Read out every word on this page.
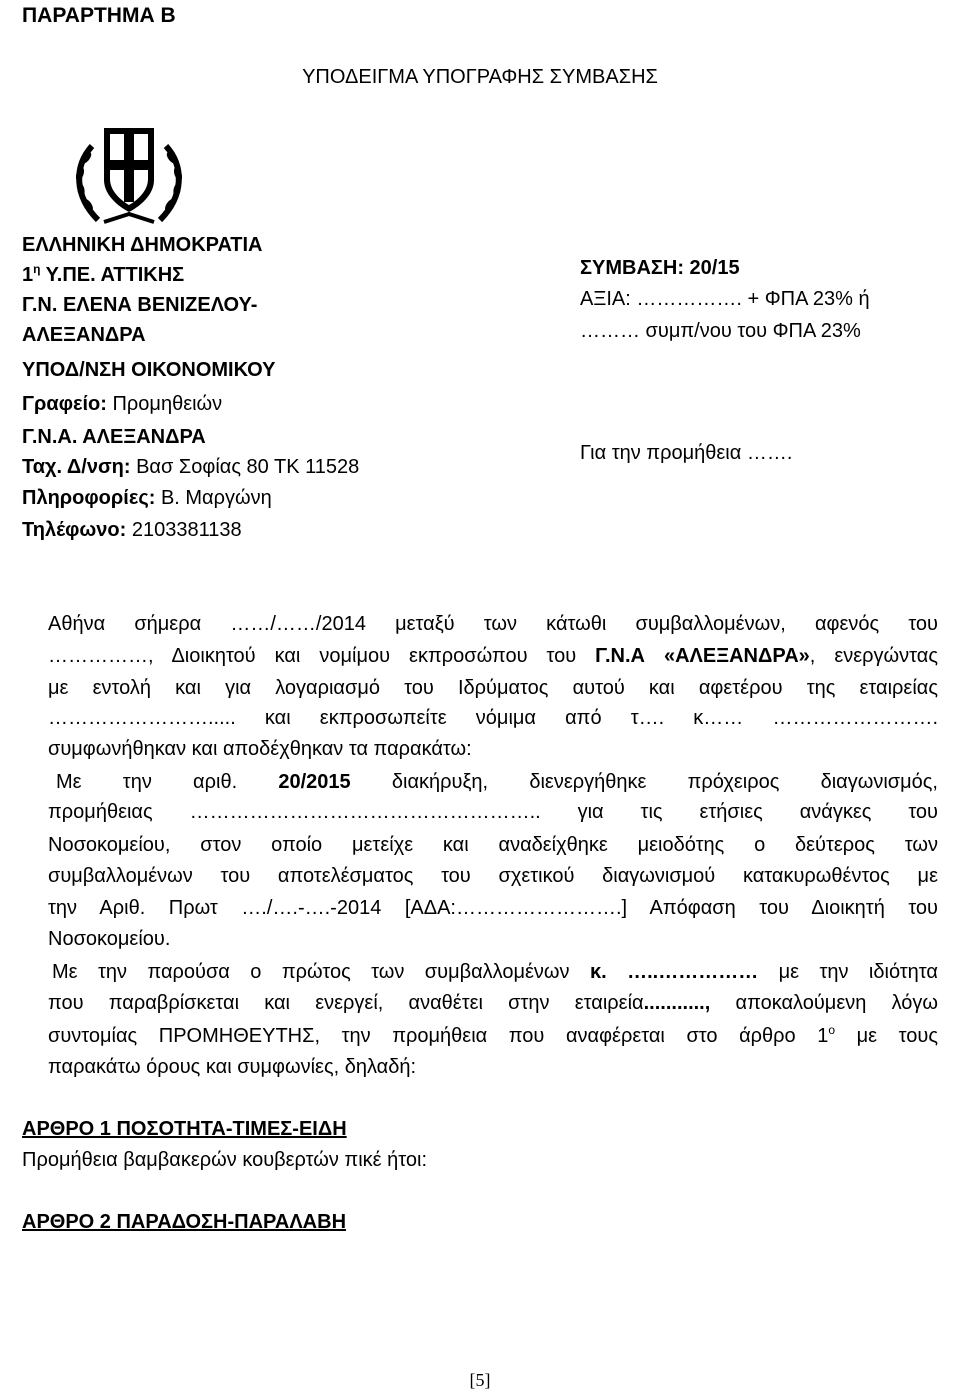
ΠΑΡΑΡΤΗΜΑ Β
ΥΠΟΔΕΙΓΜΑ ΥΠΟΓΡΑΦΗΣ ΣΥΜΒΑΣΗΣ
ΕΛΛΗΝΙΚΗ ΔΗΜΟΚΡΑΤΙΑ
$1^\eta$ Υ.ΠΕ. ΑΤΤΙΚΗΣ
Γ.Ν. ΕΛΕΝΑ ΒΕΝΙΖΕΛΟΥ-
ΑΛΕΞΑΝΔΡΑ
ΥΠΟΔ/ΝΣΗ ΟΙΚΟΝΟΜΙΚΟΥ
Γραφείο: Προμηθειών
Γ.Ν.Α. ΑΛΕΞΑΝΔΡΑ
Ταχ. Δ/νση: Βασ Σοφίας 80 ΤΚ 11528
Πληροφορίες: Β. Μαργώνη
Τηλέφωνο: 2103381138
ΣΥΜΒΑΣΗ: 20/15
ΑΞΙΑ: ……………. + ΦΠΑ 23% ή
……… συμπ/νου του ΦΠΑ 23%
Για την προμήθεια …….
Αθήνα σήμερα ……/……/2014 μεταξύ των κάτωθι συμβαλλομένων, αφενός του
……………, Διοικητού και νομίμου εκπροσώπου του Γ.Ν.Α «ΑΛΕΞΑΝΔΡΑ», ενεργώντας
με εντολή και για λογαριασμό του Ιδρύματος αυτού και αφετέρου της εταιρείας
……………………..... και εκπροσωπείτε νόμιμα από τ…. κ…… …………………….
συμφωνήθηκαν και αποδέχθηκαν τα παρακάτω:
Με την αριθ. 20/2015 διακήρυξη, διενεργήθηκε πρόχειρος διαγωνισμός,
προμήθειας …………………………………………….. για τις ετήσιες ανάγκες του
Νοσοκομείου, στον οποίο μετείχε και αναδείχθηκε μειοδότης ο δεύτερος των
συμβαλλομένων του αποτελέσματος του σχετικού διαγωνισμού κατακυρωθέντος με
την Αριθ. Πρωτ …./….-….-2014 [ΑΔΑ:…………………….] Απόφαση του Διοικητή του
Νοσοκομείου.
Με την παρούσα ο πρώτος των συμβαλλομένων κ. …..…………… με την ιδιότητα
που παραβρίσκεται και ενεργεί, αναθέτει στην εταιρεία..........., αποκαλούμενη λόγω
συντομίας ΠΡΟΜΗΘΕΥΤΗΣ, την προμήθεια που αναφέρεται στο άρθρο $1^o$ με τους
παρακάτω όρους και συμφωνίες, δηλαδή:
ΑΡΘΡΟ 1 ΠΟΣΟΤΗΤΑ-ΤΙΜΕΣ-ΕΙΔΗ
Προμήθεια βαμβακερών κουβερτών πικέ ήτοι:
ΑΡΘΡΟ 2 ΠΑΡΑΔΟΣΗ-ΠΑΡΑΛΑΒΗ
[5]
